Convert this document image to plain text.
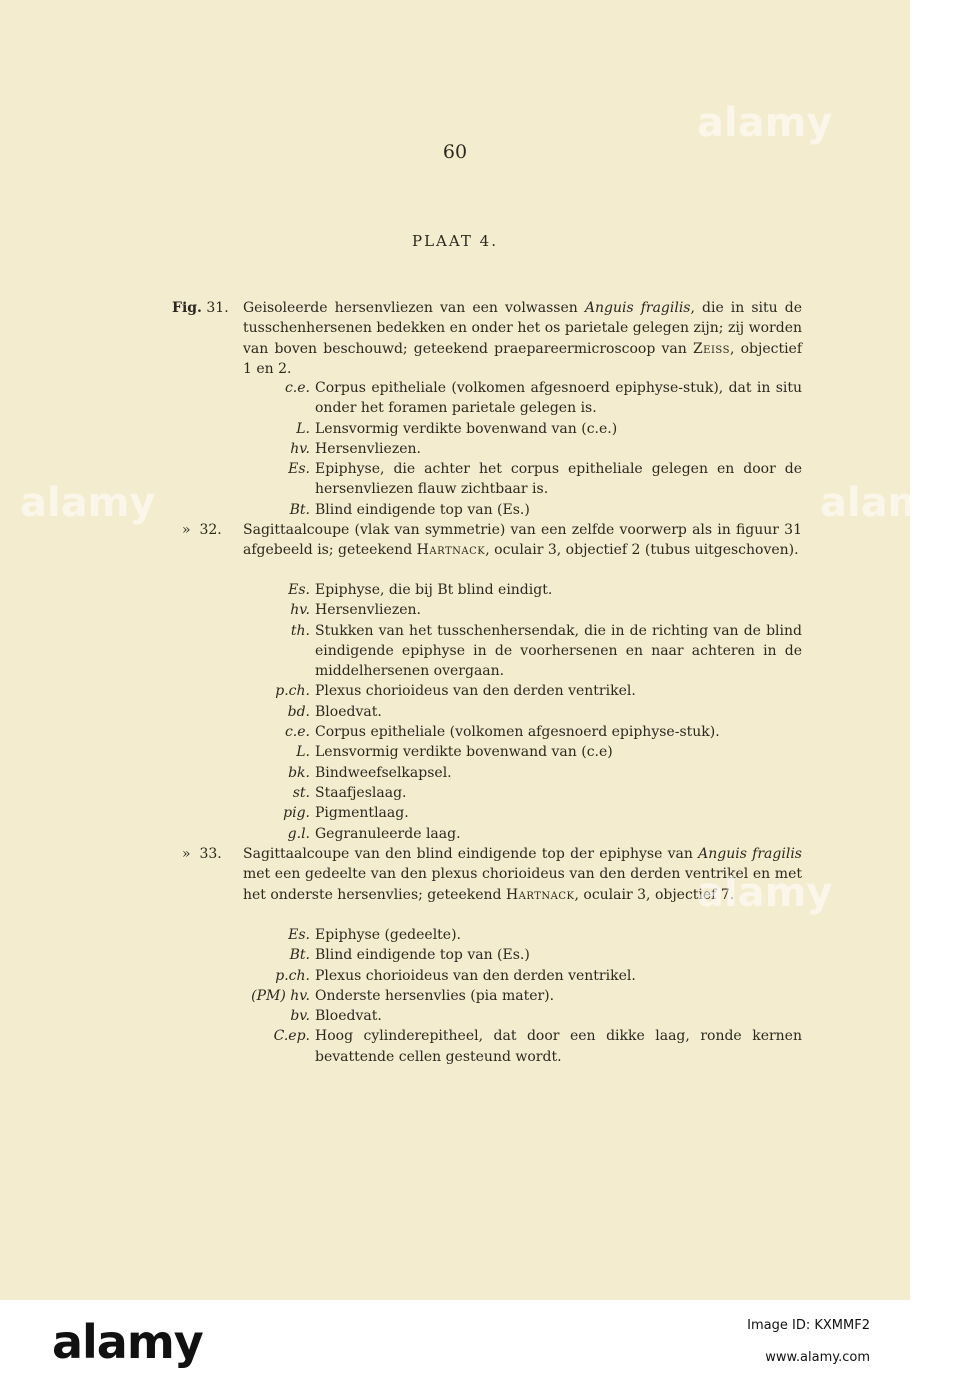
60
PLAAT 4.
Fig. 31. Geisoleerde hersenvliezen van een volwassen Anguis fragilis, die in situ de tusschenhersenen bedekken en onder het os parietale gelegen zijn; zij worden van boven beschouwd; geteekend praepareermicroscoop van Zeiss, objectief 1 en 2.
c.e. Corpus epitheliale (volkomen afgesnoerd epiphyse-stuk), dat in situ onder het foramen parietale gelegen is.
L. Lensvormig verdikte bovenwand van (c.e.)
hv. Hersenvliezen.
Es. Epiphyse, die achter het corpus epitheliale gelegen en door de hersenvliezen flauw zichtbaar is.
Bt. Blind eindigende top van (Es.)
» 32. Sagittaalcoupe (vlak van symmetrie) van een zelfde voorwerp als in figuur 31 afgebeeld is; geteekend Hartnack, oculair 3, objectief 2 (tubus uitgeschoven).
Es. Epiphyse, die bij Bt blind eindigt.
hv. Hersenvliezen.
th. Stukken van het tusschenhersendak, die in de richting van de blind eindigende epiphyse in de voorhersenen en naar achteren in de middelhersenen overgaan.
p.ch. Plexus chorioideus van den derden ventrikel.
bd. Bloedvat.
c.e. Corpus epitheliale (volkomen afgesnoerd epiphyse-stuk).
L. Lensvormig verdikte bovenwand van (c.e)
bk. Bindweefselkapsel.
st. Staafjeslaag.
pig. Pigmentlaag.
g.l. Gegranuleerde laag.
» 33. Sagittaalcoupe van den blind eindigende top der epiphyse van Anguis fragilis met een gedeelte van den plexus chorioideus van den derden ventrikel en met het onderste hersenvlies; geteekend Hartnack, oculair 3, objectief 7.
Es. Epiphyse (gedeelte).
Bt. Blind eindigende top van (Es.)
p.ch. Plexus chorioideus van den derden ventrikel.
(PM) hv. Onderste hersenvlies (pia mater).
bv. Bloedvat.
C.ep. Hoog cylinderepitheel, dat door een dikke laag, ronde kernen bevattende cellen gesteund wordt.
alamy
alamy	alamy
alamy
alamy	Image ID: KXMMF2
www.alamy.com
